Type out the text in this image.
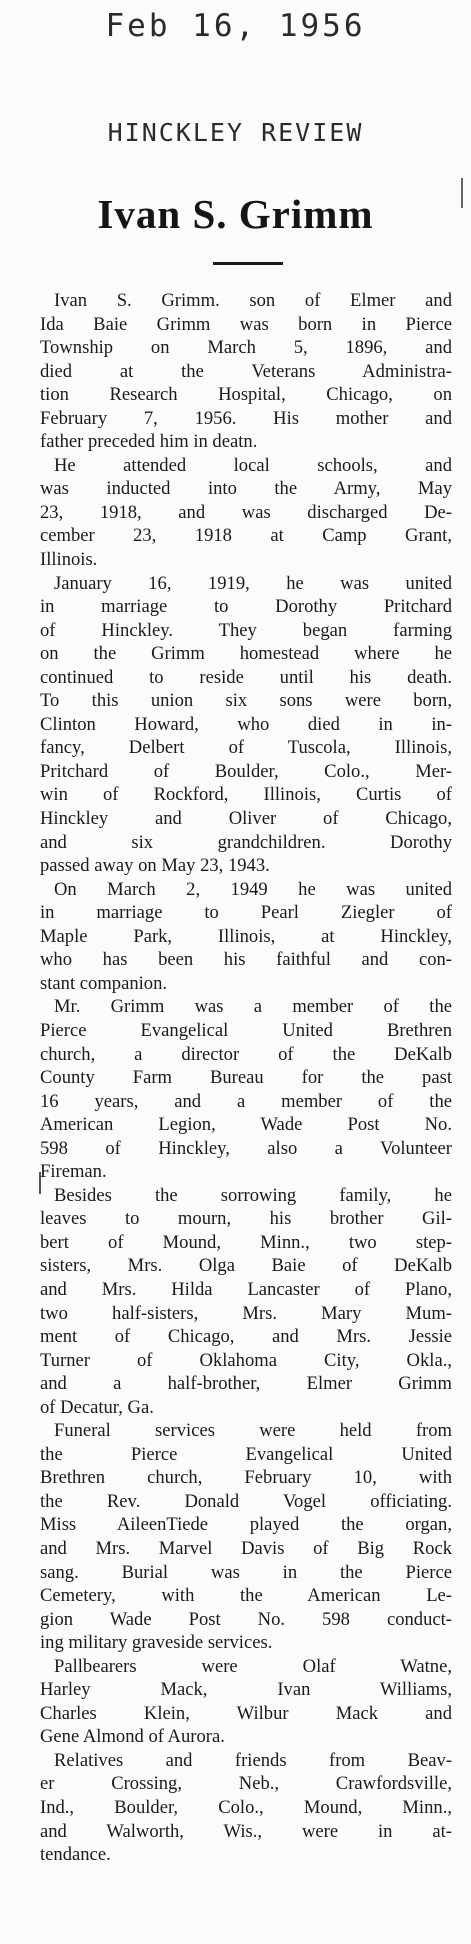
Feb 16, 1956
HINCKLEY REVIEW
Ivan S. Grimm
Ivan S. Grimm. son of Elmer and
Ida Baie Grimm was born in Pierce
Township on March 5, 1896, and
died at the Veterans Administra-
tion Research Hospital, Chicago, on
February 7, 1956. His mother and
father preceded him in deatn.
He attended local schools, and
was inducted into the Army, May
23, 1918, and was discharged De-
cember 23, 1918 at Camp Grant,
Illinois.
January 16, 1919, he was united
in marriage to Dorothy Pritchard
of Hinckley. They began farming
on the Grimm homestead where he
continued to reside until his death.
To this union six sons were born,
Clinton Howard, who died in in-
fancy, Delbert of Tuscola, Illinois,
Pritchard of Boulder, Colo., Mer-
win of Rockford, Illinois, Curtis of
Hinckley and Oliver of Chicago,
and six grandchildren. Dorothy
passed away on May 23, 1943.
On March 2, 1949 he was united
in marriage to Pearl Ziegler of
Maple Park, Illinois, at Hinckley,
who has been his faithful and con-
stant companion.
Mr. Grimm was a member of the
Pierce Evangelical United Brethren
church, a director of the DeKalb
County Farm Bureau for the past
16 years, and a member of the
American Legion, Wade Post No.
598 of Hinckley, also a Volunteer
Fireman.
Besides the sorrowing family, he
leaves to mourn, his brother Gil-
bert of Mound, Minn., two step-
sisters, Mrs. Olga Baie of DeKalb
and Mrs. Hilda Lancaster of Plano,
two half-sisters, Mrs. Mary Mum-
ment of Chicago, and Mrs. Jessie
Turner of Oklahoma City, Okla.,
and a half-brother, Elmer Grimm
of Decatur, Ga.
Funeral services were held from
the Pierce Evangelical United
Brethren church, February 10, with
the Rev. Donald Vogel officiating.
Miss AileenTiede played the organ,
and Mrs. Marvel Davis of Big Rock
sang. Burial was in the Pierce
Cemetery, with the American Le-
gion Wade Post No. 598 conduct-
ing military graveside services.
Pallbearers were Olaf Watne,
Harley Mack, Ivan Williams,
Charles Klein, Wilbur Mack and
Gene Almond of Aurora.
Relatives and friends from Beav-
er Crossing, Neb., Crawfordsville,
Ind., Boulder, Colo., Mound, Minn.,
and Walworth, Wis., were in at-
tendance.
